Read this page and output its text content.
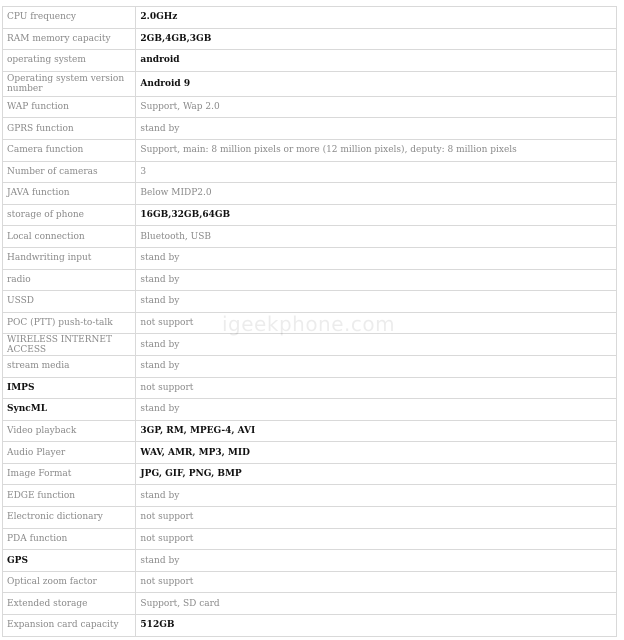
CPU frequency	2.0GHz
RAM memory capacity	2GB,4GB,3GB
operating system	android
Operating system version number	Android 9
WAP function	Support, Wap 2.0
GPRS function	stand by
Camera function	Support, main: 8 million pixels or more (12 million pixels), deputy: 8 million pixels
Number of cameras	3
JAVA function	Below MIDP2.0
storage of phone	16GB,32GB,64GB
Local connection	Bluetooth, USB
Handwriting input	stand by
radio	stand by
USSD	stand by
POC (PTT) push-to-talk	not support
WIRELESS INTERNET ACCESS	stand by
stream media	stand by
IMPS	not support
SyncML	stand by
Video playback	3GP, RM, MPEG-4, AVI
Audio Player	WAV, AMR, MP3, MID
Image Format	JPG, GIF, PNG, BMP
EDGE function	stand by
Electronic dictionary	not support
PDA function	not support
GPS	stand by
Optical zoom factor	not support
Extended storage	Support, SD card
Expansion card capacity	512GB
igeekphone.com
